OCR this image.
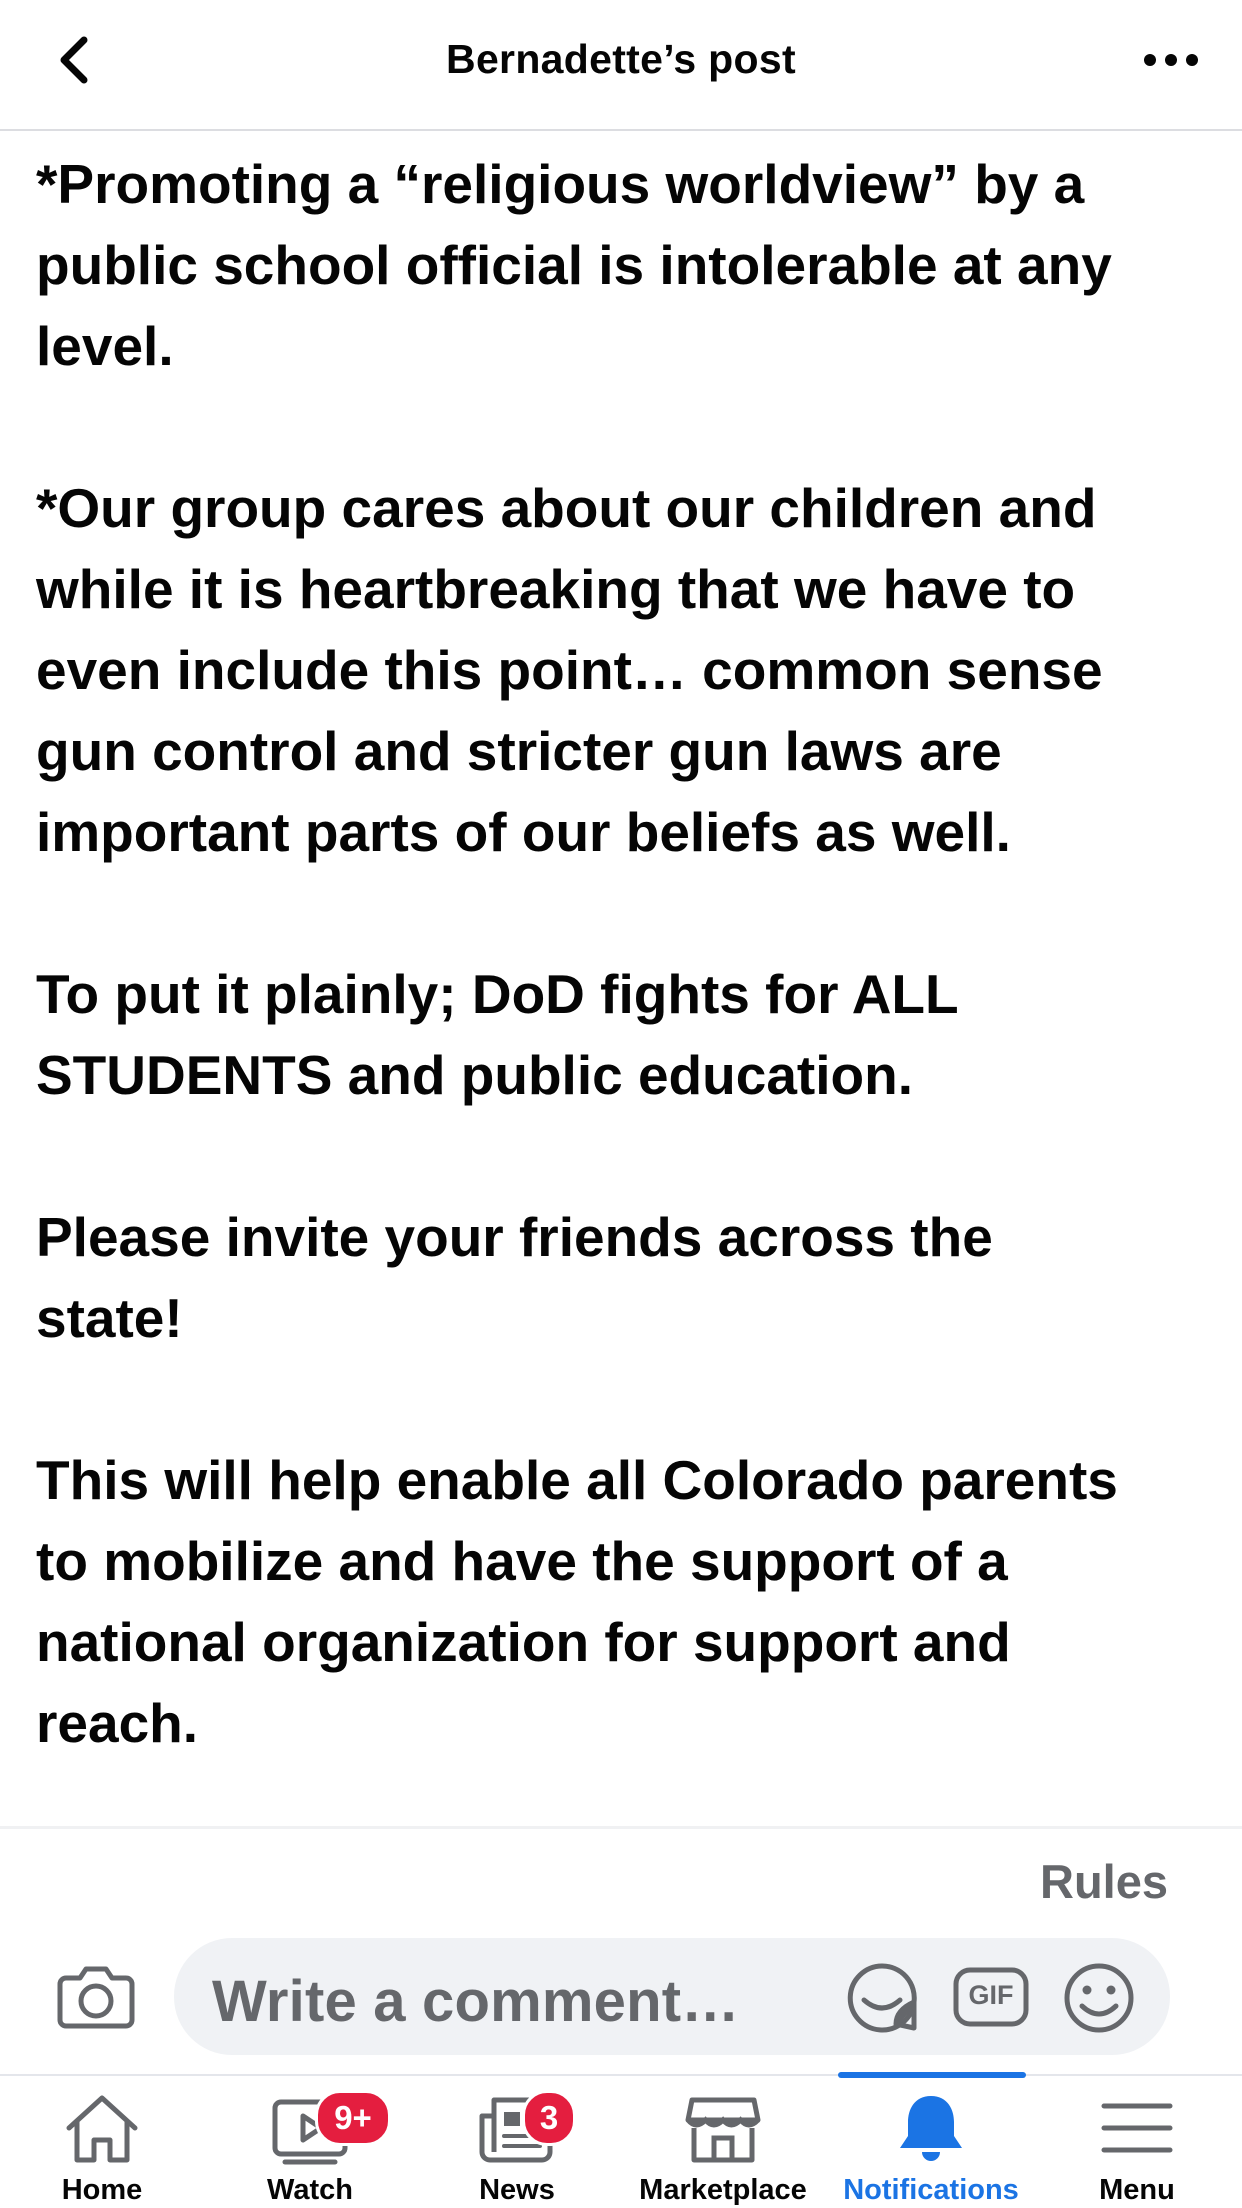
Bernadette’s post

*Promoting a “religious worldview” by a
public school official is intolerable at any
level.

*Our group cares about our children and
while it is heartbreaking that we have to
even include this point… common sense
gun control and stricter gun laws are
important parts of our beliefs as well.

To put it plainly; DoD fights for ALL
STUDENTS and public education.

Please invite your friends across the
state!

This will help enable all Colorado parents
to mobilize and have the support of a
national organization for support and
reach.

Rules
Write a comment…	GIF
Home
9+
Watch
3
News	Marketplace	Notifications	Menu
